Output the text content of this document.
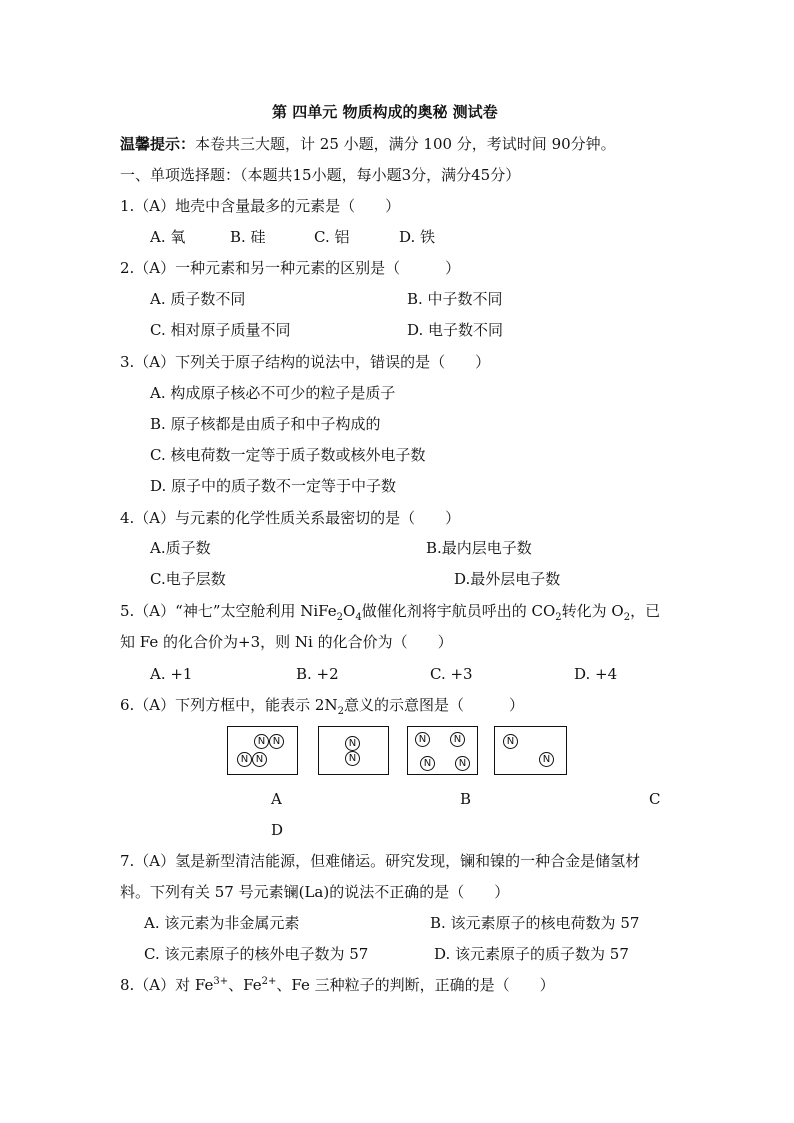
第 四单元 物质构成的奥秘 测试卷
温馨提示：本卷共三大题，计 25 小题，满分 100 分，考试时间 90分钟。
一、单项选择题：（本题共15小题，每小题3分，满分45分）
1.（A）地壳中含量最多的元素是（　　）
A. 氧	B. 硅	C. 铝	D. 铁
2.（A）一种元素和另一种元素的区别是（　　　）
A. 质子数不同	B. 中子数不同
C. 相对原子质量不同	D. 电子数不同
3.（A）下列关于原子结构的说法中，错误的是（　　）
A. 构成原子核必不可少的粒子是质子
B. 原子核都是由质子和中子构成的
C. 核电荷数一定等于质子数或核外电子数
D. 原子中的质子数不一定等于中子数
4.（A）与元素的化学性质关系最密切的是（　　）
A.质子数	B.最内层电子数
C.电子层数	D.最外层电子数
5.（A）“神七”太空舱利用 $NiFe_2O_4$做催化剂将宇航员呼出的 $CO_2$转化为 $O_2$，已
知 Fe 的化合价为+3，则 Ni 的化合价为（　　）
A. +1	B. +2	C. +3	D. +4
6.（A）下列方框中，能表示 $2N_2$意义的示意图是（　　　）
N N
N N
N
N
N	N
N	N
N
N
A	B	C
D
7.（A）氢是新型清洁能源，但难储运。研究发现，镧和镍的一种合金是储氢材
料。下列有关 57 号元素镧(La)的说法不正确的是（　　）
A. 该元素为非金属元素	B. 该元素原子的核电荷数为 57
C. 该元素原子的核外电子数为 57	D. 该元素原子的质子数为 57
8.（A）对 $Fe^{3+}$、$Fe^{2+}$、Fe 三种粒子的判断，正确的是（　　）
